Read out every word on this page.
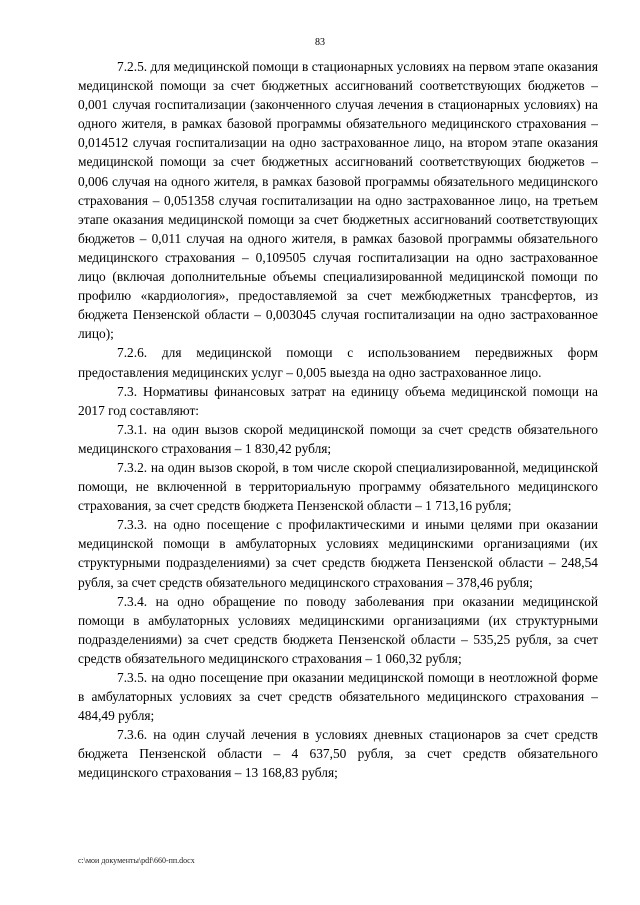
83

7.2.5. для медицинской помощи в стационарных условиях на первом этапе оказания медицинской помощи за счет бюджетных ассигнований соответствующих бюджетов – 0,001 случая госпитализации (законченного случая лечения в стационарных условиях) на одного жителя, в рамках базовой программы обязательного медицинского страхования – 0,014512 случая госпитализации на одно застрахованное лицо, на втором этапе оказания медицинской помощи за счет бюджетных ассигнований соответствующих бюджетов – 0,006 случая на одного жителя, в рамках базовой программы обязательного медицинского страхования – 0,051358 случая госпитализации на одно застрахованное лицо, на третьем этапе оказания медицинской помощи за счет бюджетных ассигнований соответствующих бюджетов – 0,011 случая на одного жителя, в рамках базовой программы обязательного медицинского страхования – 0,109505 случая госпитализации на одно застрахованное лицо (включая дополнительные объемы специализированной медицинской помощи по профилю «кардиология», предоставляемой за счет межбюджетных трансфертов, из бюджета Пензенской области – 0,003045 случая госпитализации на одно застрахованное лицо);

7.2.6. для медицинской помощи с использованием передвижных форм предоставления медицинских услуг – 0,005 выезда на одно застрахованное лицо.

7.3. Нормативы финансовых затрат на единицу объема медицинской помощи на 2017 год составляют:

7.3.1. на один вызов скорой медицинской помощи за счет средств обязательного медицинского страхования – 1 830,42 рубля;

7.3.2. на один вызов скорой, в том числе скорой специализированной, медицинской помощи, не включенной в территориальную программу обязательного медицинского страхования, за счет средств бюджета Пензенской области – 1 713,16 рубля;

7.3.3. на одно посещение с профилактическими и иными целями при оказании медицинской помощи в амбулаторных условиях медицинскими организациями (их структурными подразделениями) за счет средств бюджета Пензенской области – 248,54 рубля, за счет средств обязательного медицинского страхования – 378,46 рубля;

7.3.4. на одно обращение по поводу заболевания при оказании медицинской помощи в амбулаторных условиях медицинскими организациями (их структурными подразделениями) за счет средств бюджета Пензенской области – 535,25 рубля, за счет средств обязательного медицинского страхования – 1 060,32 рубля;

7.3.5. на одно посещение при оказании медицинской помощи в неотложной форме в амбулаторных условиях за счет средств обязательного медицинского страхования – 484,49 рубля;

7.3.6. на один случай лечения в условиях дневных стационаров за счет средств бюджета Пензенской области – 4 637,50 рубля, за счет средств обязательного медицинского страхования – 13 168,83 рубля;

c:\мои документы\pdf\660-пп.docx
